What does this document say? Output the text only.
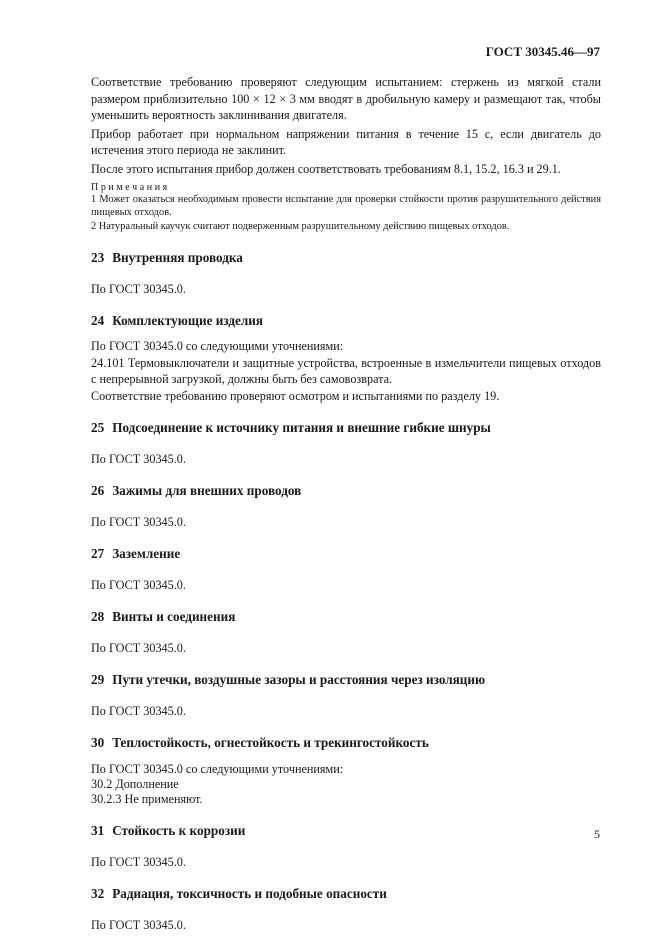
ГОСТ 30345.46—97

Соответствие требованию проверяют следующим испытанием: стержень из мягкой стали размером приблизительно 100 × 12 × 3 мм вводят в дробильную камеру и размещают так, чтобы уменьшить вероятность заклинивания двигателя.

Прибор работает при нормальном напряжении питания в течение 15 с, если двигатель до истечения этого периода не заклинит.

После этого испытания прибор должен соответствовать требованиям 8.1, 15.2, 16.3 и 29.1.

Примечания

1 Может оказаться необходимым провести испытание для проверки стойкости против разрушительного действия пищевых отходов.

2 Натуральный каучук считают подверженным разрушительному действию пищевых отходов.

23 Внутренняя проводка
По ГОСТ 30345.0.
24 Комплектующие изделия
По ГОСТ 30345.0 со следующими уточнениями:
24.101 Термовыключатели и защитные устройства, встроенные в измельчители пищевых отходов с непрерывной загрузкой, должны быть без самовозврата.
Соответствие требованию проверяют осмотром и испытаниями по разделу 19.
25 Подсоединение к источнику питания и внешние гибкие шнуры
По ГОСТ 30345.0.
26 Зажимы для внешних проводов
По ГОСТ 30345.0.
27 Заземление
По ГОСТ 30345.0.
28 Винты и соединения
По ГОСТ 30345.0.
29 Пути утечки, воздушные зазоры и расстояния через изоляцию
По ГОСТ 30345.0.
30 Теплостойкость, огнестойкость и трекингостойкость
По ГОСТ 30345.0 со следующими уточнениями:
30.2 Дополнение
30.2.3 Не применяют.
31 Стойкость к коррозии
По ГОСТ 30345.0.
32 Радиация, токсичность и подобные опасности
По ГОСТ 30345.0.
5
